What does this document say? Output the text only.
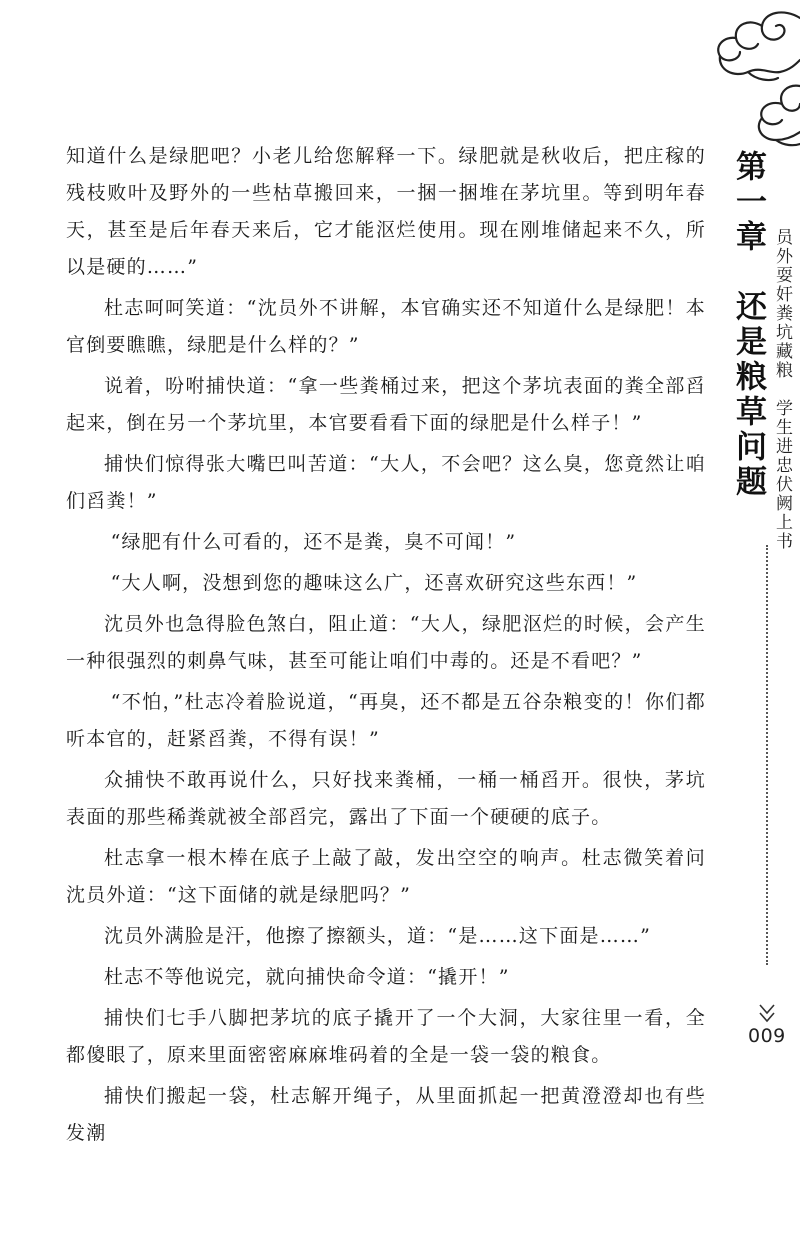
知道什么是绿肥吧？小老儿给您解释一下。绿肥就是秋收后，把庄稼的残枝败叶及野外的一些枯草搬回来，一捆一捆堆在茅坑里。等到明年春天，甚至是后年春天来后，它才能沤烂使用。现在刚堆储起来不久，所以是硬的……”

杜志呵呵笑道：“沈员外不讲解，本官确实还不知道什么是绿肥！本官倒要瞧瞧，绿肥是什么样的？”

说着，吩咐捕快道：“拿一些粪桶过来，把这个茅坑表面的粪全部舀起来，倒在另一个茅坑里，本官要看看下面的绿肥是什么样子！”

捕快们惊得张大嘴巴叫苦道：“大人，不会吧？这么臭，您竟然让咱们舀粪！”

“绿肥有什么可看的，还不是粪，臭不可闻！”

“大人啊，没想到您的趣味这么广，还喜欢研究这些东西！”

沈员外也急得脸色煞白，阻止道：“大人，绿肥沤烂的时候，会产生一种很强烈的刺鼻气味，甚至可能让咱们中毒的。还是不看吧？”

“不怕，”杜志冷着脸说道，“再臭，还不都是五谷杂粮变的！你们都听本官的，赶紧舀粪，不得有误！”

众捕快不敢再说什么，只好找来粪桶，一桶一桶舀开。很快，茅坑表面的那些稀粪就被全部舀完，露出了下面一个硬硬的底子。

杜志拿一根木棒在底子上敲了敲，发出空空的响声。杜志微笑着问沈员外道：“这下面储的就是绿肥吗？”

沈员外满脸是汗，他擦了擦额头，道：“是……这下面是……”

杜志不等他说完，就向捕快命令道：“撬开！”

捕快们七手八脚把茅坑的底子撬开了一个大洞，大家往里一看，全都傻眼了，原来里面密密麻麻堆码着的全是一袋一袋的粮食。

捕快们搬起一袋，杜志解开绳子，从里面抓起一把黄澄澄却也有些发潮

第一章　还是粮草问题 员外耍奸粪坑藏粮　学生进忠伏阙上书
009
